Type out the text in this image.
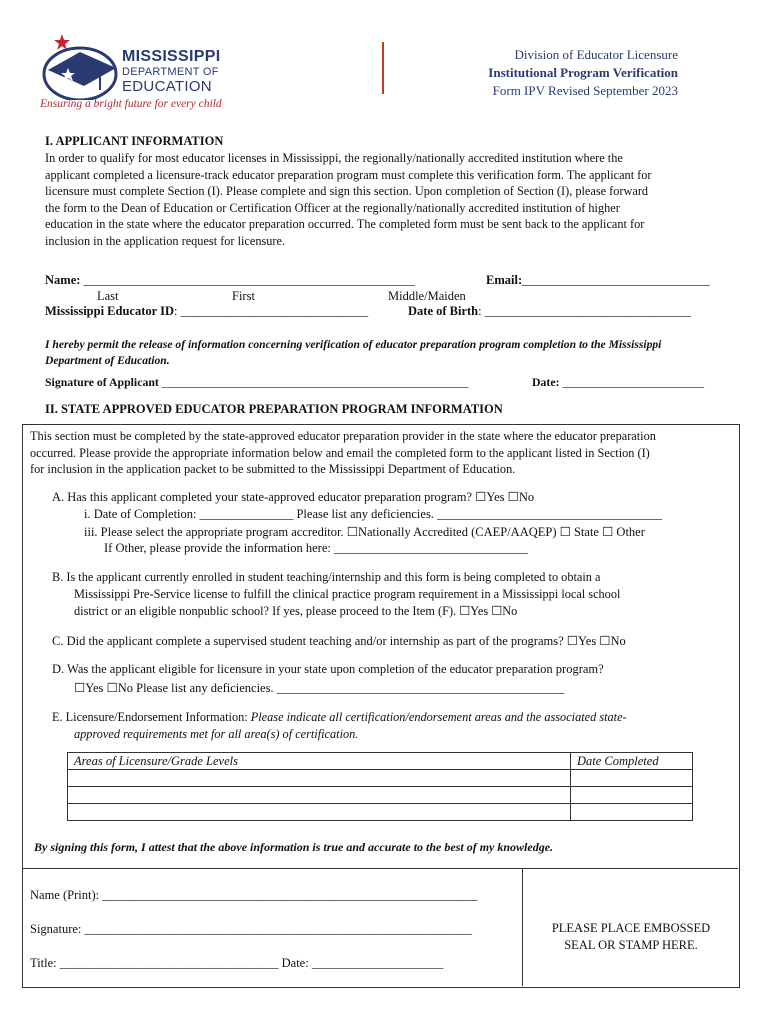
MISSISSIPPI
DEPARTMENT OF
EDUCATION
Ensuring a bright future for every child
Division of Educator Licensure
Institutional Program Verification
Form IPV Revised September 2023
I. APPLICANT INFORMATION
In order to qualify for most educator licenses in Mississippi, the regionally/nationally accredited institution where the
applicant completed a licensure-track educator preparation program must complete this verification form. The applicant for
licensure must complete Section (I). Please complete and sign this section. Upon completion of Section (I), please forward
the form to the Dean of Education or Certification Officer at the regionally/nationally accredited institution of higher
education in the state where the educator preparation occurred. The completed form must be sent back to the applicant for
inclusion in the application request for licensure.
Name: _____________________________________________________	Email:______________________________
Last	First	Middle/Maiden
Mississippi Educator ID: ______________________________	Date of Birth: _________________________________
I hereby permit the release of information concerning verification of educator preparation program completion to the Mississippi
Department of Education.
Signature of Applicant ____________________________________________________	Date: ________________________
II. STATE APPROVED EDUCATOR PREPARATION PROGRAM INFORMATION
This section must be completed by the state-approved educator preparation provider in the state where the educator preparation
occurred. Please provide the appropriate information below and email the completed form to the applicant listed in Section (I)
for inclusion in the application packet to be submitted to the Mississippi Department of Education.
A. Has this applicant completed your state-approved educator preparation program? ☐Yes ☐No
i. Date of Completion: _______________ Please list any deficiencies. ____________________________________
iii. Please select the appropriate program accreditor. ☐Nationally Accredited (CAEP/AAQEP) ☐ State ☐ Other
If Other, please provide the information here: _______________________________
B. Is the applicant currently enrolled in student teaching/internship and this form is being completed to obtain a
Mississippi Pre-Service license to fulfill the clinical practice program requirement in a Mississippi local school
district or an eligible nonpublic school? If yes, please proceed to the Item (F). ☐Yes ☐No
C. Did the applicant complete a supervised student teaching and/or internship as part of the programs? ☐Yes ☐No
D. Was the applicant eligible for licensure in your state upon completion of the educator preparation program?
☐Yes ☐No Please list any deficiencies. ______________________________________________
E. Licensure/Endorsement Information: Please indicate all certification/endorsement areas and the associated state-
approved requirements met for all area(s) of certification.
Areas of Licensure/Grade Levels	Date Completed

By signing this form, I attest that the above information is true and accurate to the best of my knowledge.
Name (Print): ____________________________________________________________
Signature: ______________________________________________________________
Title: ___________________________________ Date: _____________________
PLEASE PLACE EMBOSSED
SEAL OR STAMP HERE.
